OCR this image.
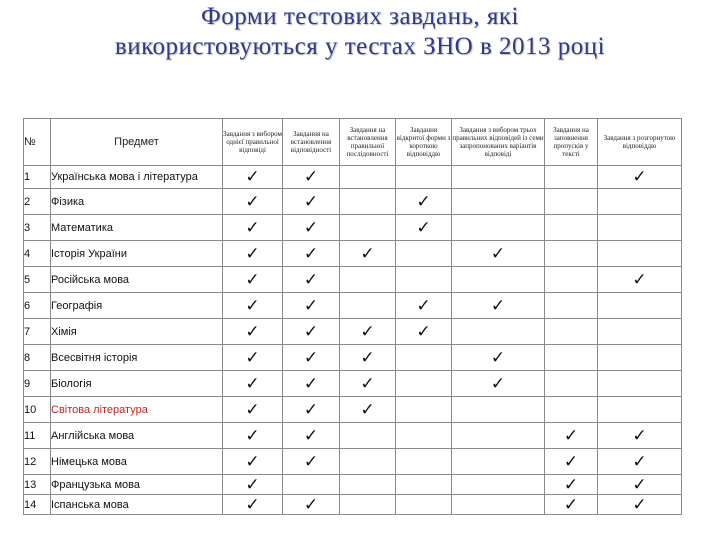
Форми тестових завдань, які
використовуються у тестах ЗНО в 2013 році
№	Предмет	Завдання з вибором однієї правильної відповіді	Завдання на встановлення відповідності	Завдання на встановлення правильної послідовності	Завдання відкритої форми з короткою відповіддю	Завдання з вибором трьох правильних відповідей із семи запропонованих варіантів відповіді	Завдання на заповнення пропусків у тексті	Завдання з розгорнутою відповіддю
1	Українська мова і література	✓	✓					✓
2	Фізика	✓	✓		✓			
3	Математика	✓	✓		✓			
4	Історія України	✓	✓	✓		✓		
5	Російська мова	✓	✓					✓
6	Географія	✓	✓		✓	✓		
7	Хімія	✓	✓	✓	✓			
8	Всесвітня історія	✓	✓	✓		✓		
9	Біологія	✓	✓	✓		✓		
10	Світова література	✓	✓	✓				
11	Англійська мова	✓	✓				✓	✓
12	Німецька мова	✓	✓				✓	✓
13	Французька мова	✓					✓	✓
14	Іспанська мова	✓	✓				✓	✓
